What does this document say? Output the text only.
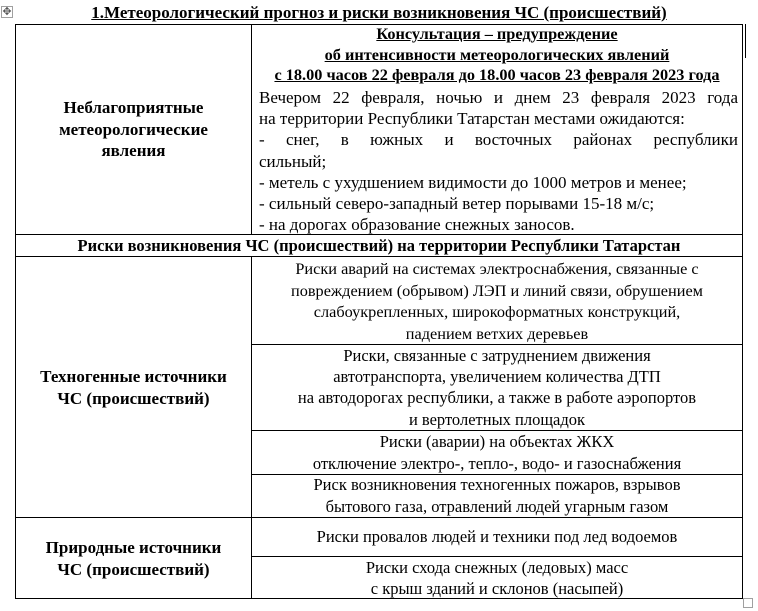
✥	1.Метеорологический прогноз и риски возникновения ЧС (происшествий)
Неблагоприятные
метеорологические
явления
Консультация – предупреждение
об интенсивности метеорологических явлений
с 18.00 часов 22 февраля до 18.00 часов 23 февраля 2023 года
Вечером 22 февраля, ночью и днем 23 февраля 2023 года
на территории Республики Татарстан местами ожидаются:
- снег, в южных и восточных районах республики
сильный;
- метель с ухудшением видимости до 1000 метров и менее;
- сильный северо-западный ветер порывами 15-18 м/с;
- на дорогах образование снежных заносов.
Риски возникновения ЧС (происшествий) на территории Республики Татарстан
Техногенные источники
ЧС (происшествий)
Риски аварий на системах электроснабжения, связанные с
повреждением (обрывом) ЛЭП и линий связи, обрушением
слабоукрепленных, широкоформатных конструкций,
падением ветхих деревьев
Риски, связанные с затруднением движения
автотранспорта, увеличением количества ДТП
на автодорогах республики, а также в работе аэропортов
и вертолетных площадок
Риски (аварии) на объектах ЖКХ
отключение электро-, тепло-, водо- и газоснабжения
Риск возникновения техногенных пожаров, взрывов
бытового газа, отравлений людей угарным газом
Природные источники
ЧС (происшествий)
Риски провалов людей и техники под лед водоемов
Риски схода снежных (ледовых) масс
с крыш зданий и склонов (насыпей)
